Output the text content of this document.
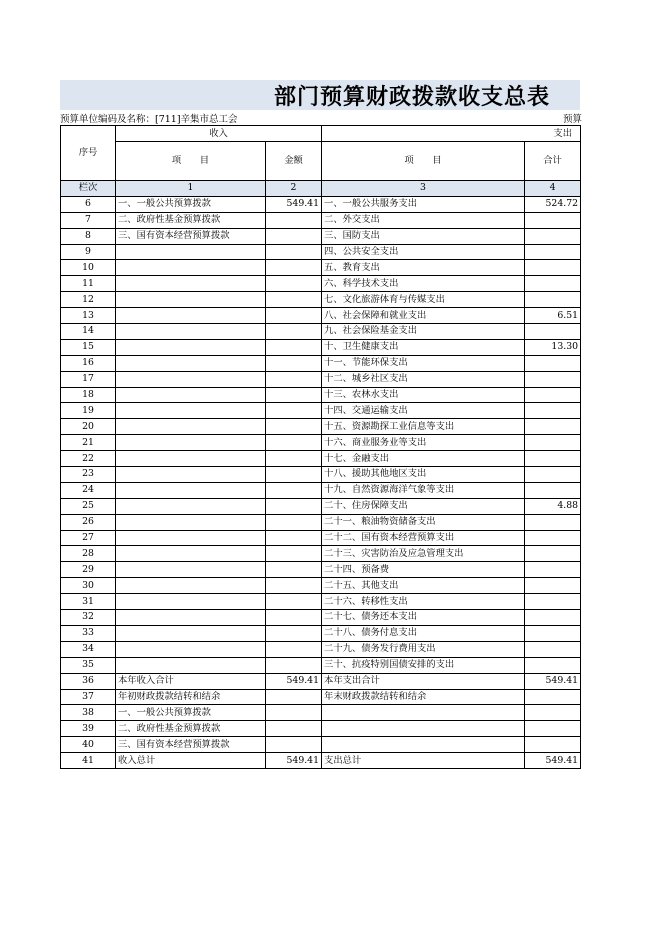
部门预算财政拨款收支总表
预算单位编码及名称：[711]辛集市总工会	预算
序号	收入		支出	
	项　　目	金额	项　　目	合计
栏次	1	2	3	4
6	一、一般公共预算拨款	549.41	一、一般公共服务支出	524.72
7	二、政府性基金预算拨款		二、外交支出	
8	三、国有资本经营预算拨款		三、国防支出	
9			四、公共安全支出	
10			五、教育支出	
11			六、科学技术支出	
12			七、文化旅游体育与传媒支出	
13			八、社会保障和就业支出	6.51
14			九、社会保险基金支出	
15			十、卫生健康支出	13.30
16			十一、节能环保支出	
17			十二、城乡社区支出	
18			十三、农林水支出	
19			十四、交通运输支出	
20			十五、资源勘探工业信息等支出	
21			十六、商业服务业等支出	
22			十七、金融支出	
23			十八、援助其他地区支出	
24			十九、自然资源海洋气象等支出	
25			二十、住房保障支出	4.88
26			二十一、粮油物资储备支出	
27			二十二、国有资本经营预算支出	
28			二十三、灾害防治及应急管理支出	
29			二十四、预备费	
30			二十五、其他支出	
31			二十六、转移性支出	
32			二十七、债务还本支出	
33			二十八、债务付息支出	
34			二十九、债务发行费用支出	
35			三十、抗疫特别国债安排的支出	
36	本年收入合计	549.41	本年支出合计	549.41
37	年初财政拨款结转和结余		年末财政拨款结转和结余	
38	一、一般公共预算拨款			
39	二、政府性基金预算拨款			
40	三、国有资本经营预算拨款			
41	收入总计	549.41	支出总计	549.41
